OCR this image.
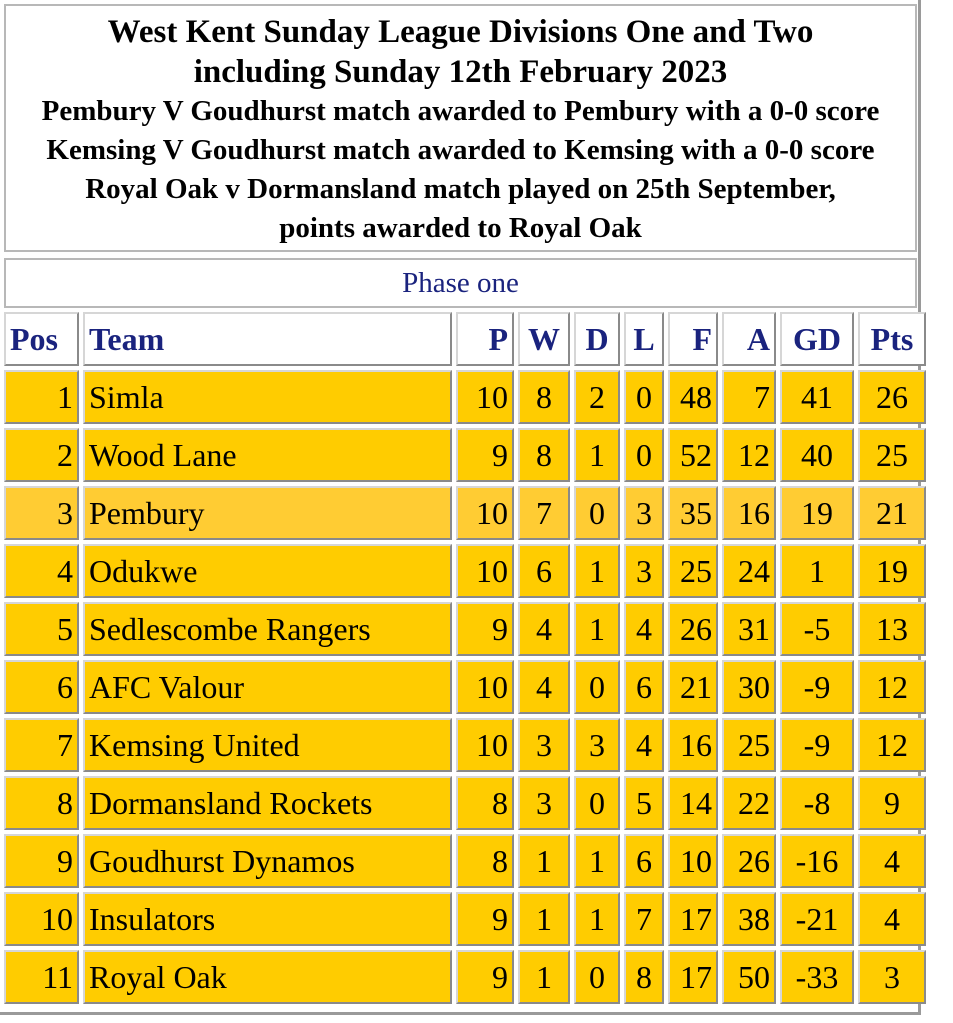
West Kent Sunday League Divisions One and Two
including Sunday 12th February 2023
Pembury V Goudhurst match awarded to Pembury with a 0-0 score
Kemsing V Goudhurst match awarded to Kemsing with a 0-0 score
Royal Oak v Dormansland match played on 25th September,
points awarded to Royal Oak
Phase one
Pos	Team	P	W	D	L	F	A	GD	Pts
1	Simla	10	8	2	0	48	7	41	26
2	Wood Lane	9	8	1	0	52	12	40	25
3	Pembury	10	7	0	3	35	16	19	21
4	Odukwe	10	6	1	3	25	24	1	19
5	Sedlescombe Rangers	9	4	1	4	26	31	-5	13
6	AFC Valour	10	4	0	6	21	30	-9	12
7	Kemsing United	10	3	3	4	16	25	-9	12
8	Dormansland Rockets	8	3	0	5	14	22	-8	9
9	Goudhurst Dynamos	8	1	1	6	10	26	-16	4
10	Insulators	9	1	1	7	17	38	-21	4
11	Royal Oak	9	1	0	8	17	50	-33	3
